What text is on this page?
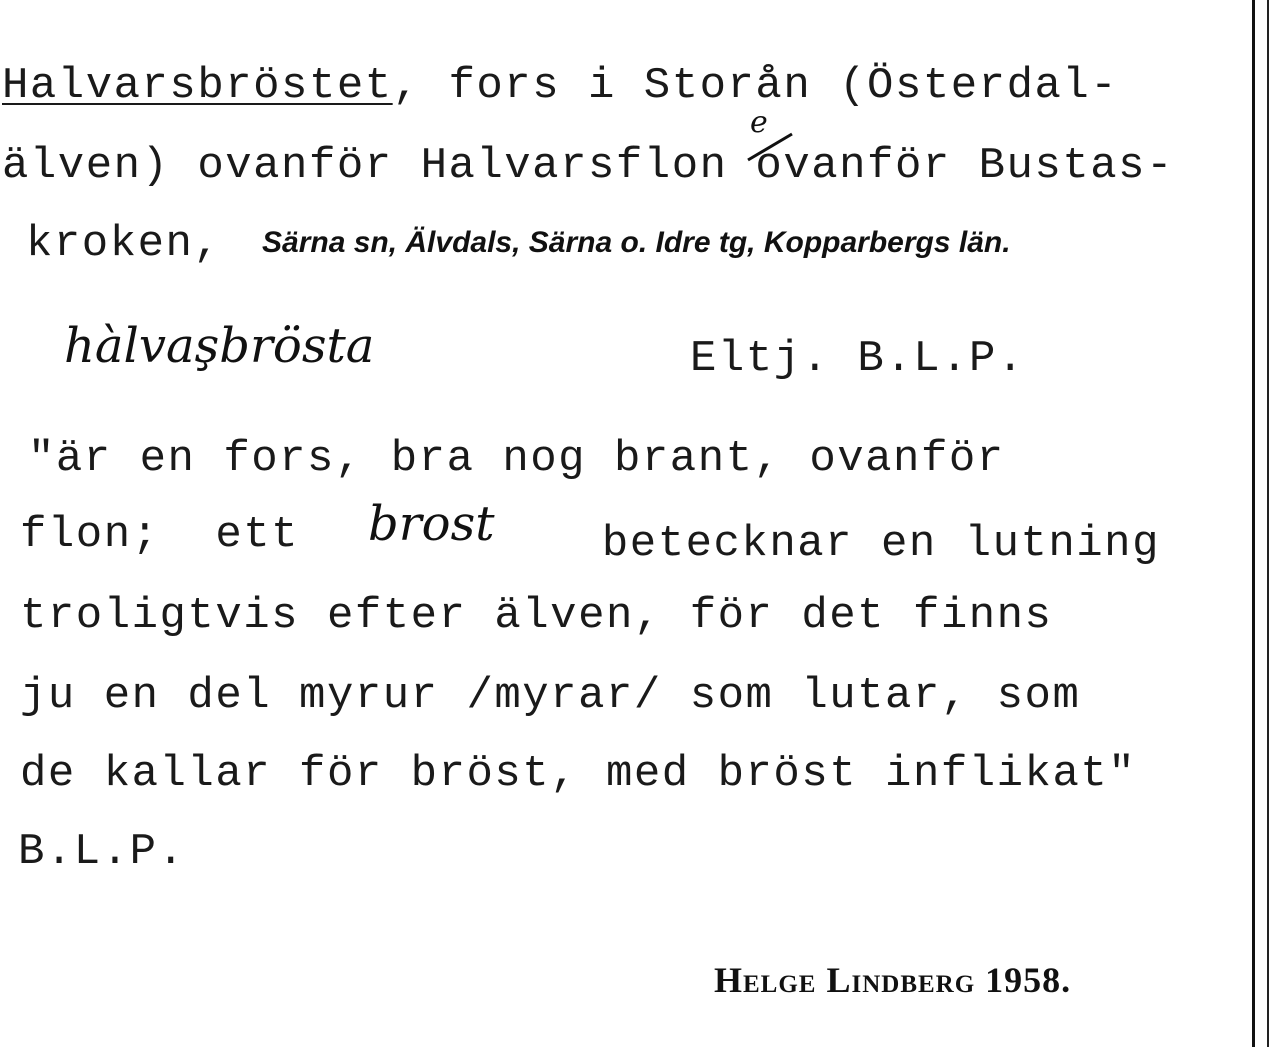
Halvarsbröstet, fors i Storån (Österdal-
älven) ovanför Halvarsflon ovanför Bustas-
e
kroken, Särna sn, Älvdals, Särna o. Idre tg, Kopparbergs län.
hàlvaşbrösta	Eltj. B.L.P.
"är en fors, bra nog brant, ovanför
flon;  ett brost betecknar en lutning
troligtvis efter älven, för det finns
ju en del myrur /myrar/ som lutar, som
de kallar för bröst, med bröst inflikat"
B.L.P.
Helge Lindberg 1958.
